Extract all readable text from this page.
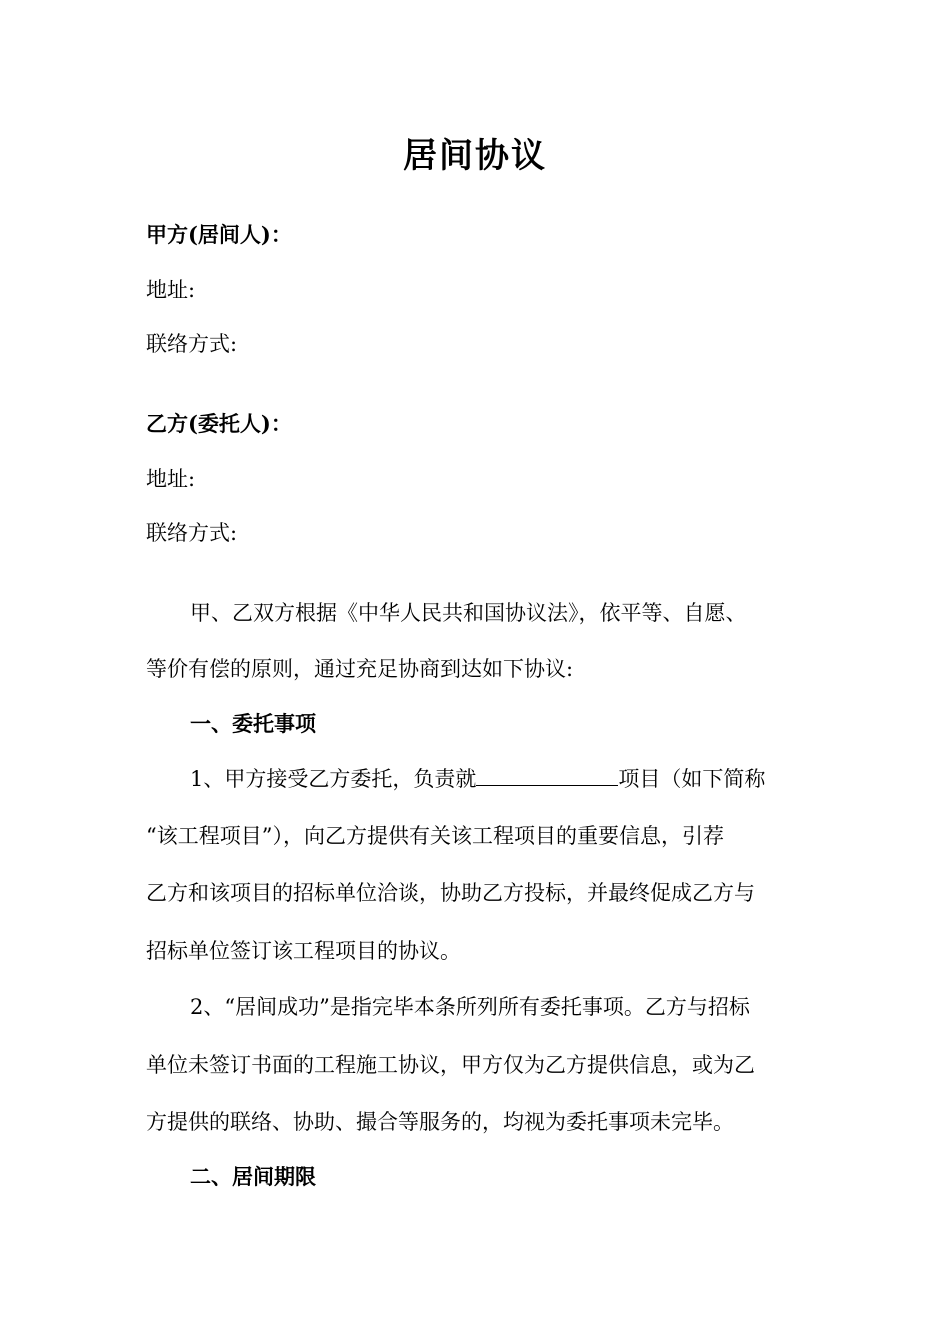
居间协议
甲方(居间人)：
地址:
联络方式:
乙方(委托人)：
地址:
联络方式:
甲、乙双方根据《中华人民共和国协议法》，依平等、自愿、
等价有偿的原则，通过充足协商到达如下协议:
一、委托事项
1、甲方接受乙方委托，负责就	项目（如下简称
“该工程项目”），向乙方提供有关该工程项目的重要信息，引荐
乙方和该项目的招标单位洽谈，协助乙方投标，并最终促成乙方与
招标单位签订该工程项目的协议。
2、“居间成功”是指完毕本条所列所有委托事项。乙方与招标
单位未签订书面的工程施工协议，甲方仅为乙方提供信息，或为乙
方提供的联络、协助、撮合等服务的，均视为委托事项未完毕。
二、居间期限
